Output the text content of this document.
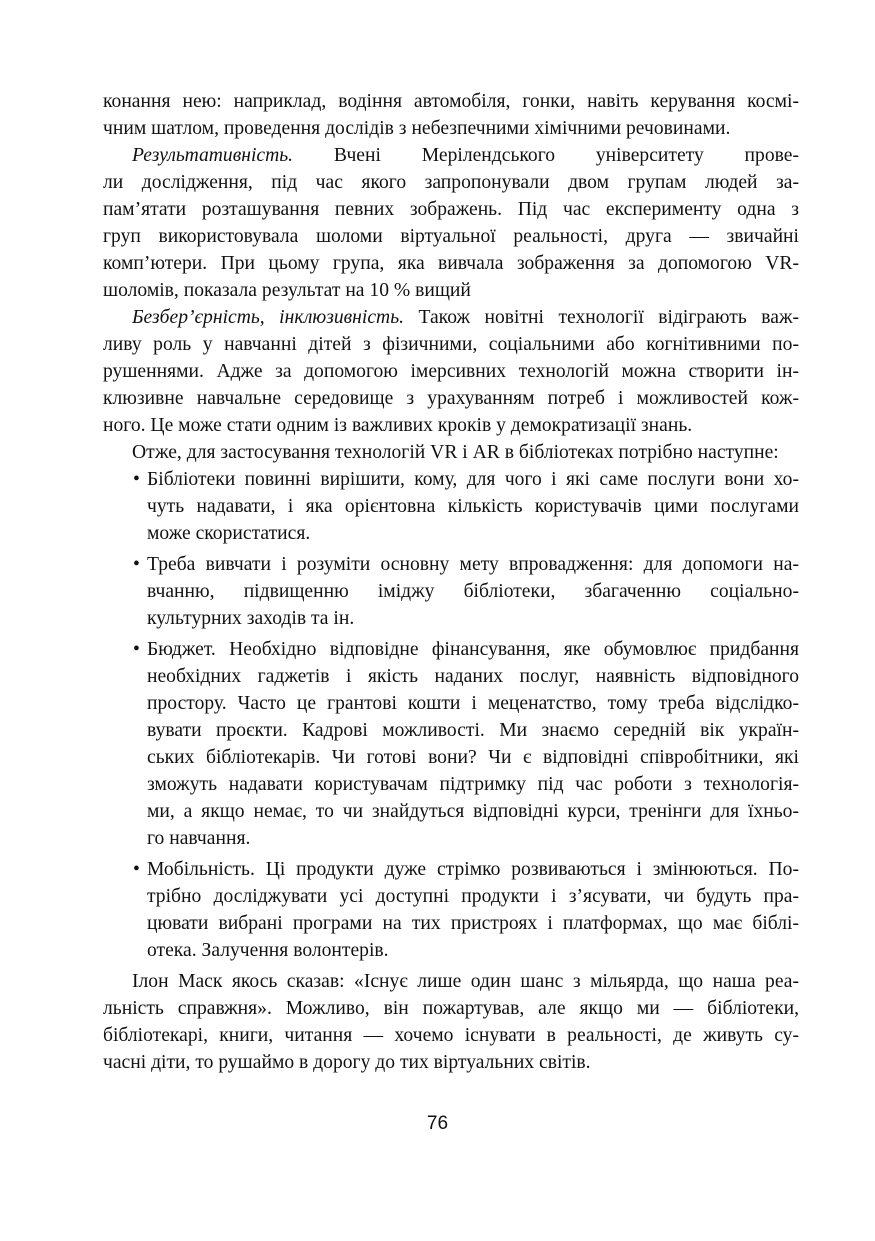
конання нею: наприклад, водіння автомобіля, гонки, навіть керування космі-
чним шатлом, проведення дослідів з небезпечними хімічними речовинами.
Результативність. Вчені Мерілендського університету прове-
ли дослідження, під час якого запропонували двом групам людей за-
пам’ятати розташування певних зображень. Під час експерименту одна з
груп використовувала шоломи віртуальної реальності, друга — звичайні
комп’ютери. При цьому група, яка вивчала зображення за допомогою VR-
шоломів, показала результат на 10 % вищий
Безбер’єрність, інклюзивність. Також новітні технології відіграють важ-
ливу роль у навчанні дітей з фізичними, соціальними або когнітивними по-
рушеннями. Адже за допомогою імерсивних технологій можна створити ін-
клюзивне навчальне середовище з урахуванням потреб і можливостей кож-
ного. Це може стати одним із важливих кроків у демократизації знань.
Отже, для застосування технологій VR і AR в бібліотеках потрібно наступне:
• Бібліотеки повинні вирішити, кому, для чого і які саме послуги вони хо-
чуть надавати, і яка орієнтовна кількість користувачів цими послугами
може скористатися.
• Треба вивчати і розуміти основну мету впровадження: для допомоги на-
вчанню, підвищенню іміджу бібліотеки, збагаченню соціально-
культурних заходів та ін.
• Бюджет. Необхідно відповідне фінансування, яке обумовлює придбання
необхідних гаджетів і якість наданих послуг, наявність відповідного
простору. Часто це грантові кошти і меценатство, тому треба відслідко-
вувати проєкти. Кадрові можливості. Ми знаємо середній вік україн-
ських бібліотекарів. Чи готові вони? Чи є відповідні співробітники, які
зможуть надавати користувачам підтримку під час роботи з технологія-
ми, а якщо немає, то чи знайдуться відповідні курси, тренінги для їхньо-
го навчання.
• Мобільність. Ці продукти дуже стрімко розвиваються і змінюються. По-
трібно досліджувати усі доступні продукти і з’ясувати, чи будуть пра-
цювати вибрані програми на тих пристроях і платформах, що має біблі-
отека. Залучення волонтерів.
Ілон Маск якось сказав: «Існує лише один шанс з мільярда, що наша реа-
льність справжня». Можливо, він пожартував, але якщо ми — бібліотеки,
бібліотекарі, книги, читання — хочемо існувати в реальності, де живуть су-
часні діти, то рушаймо в дорогу до тих віртуальних світів.
76
